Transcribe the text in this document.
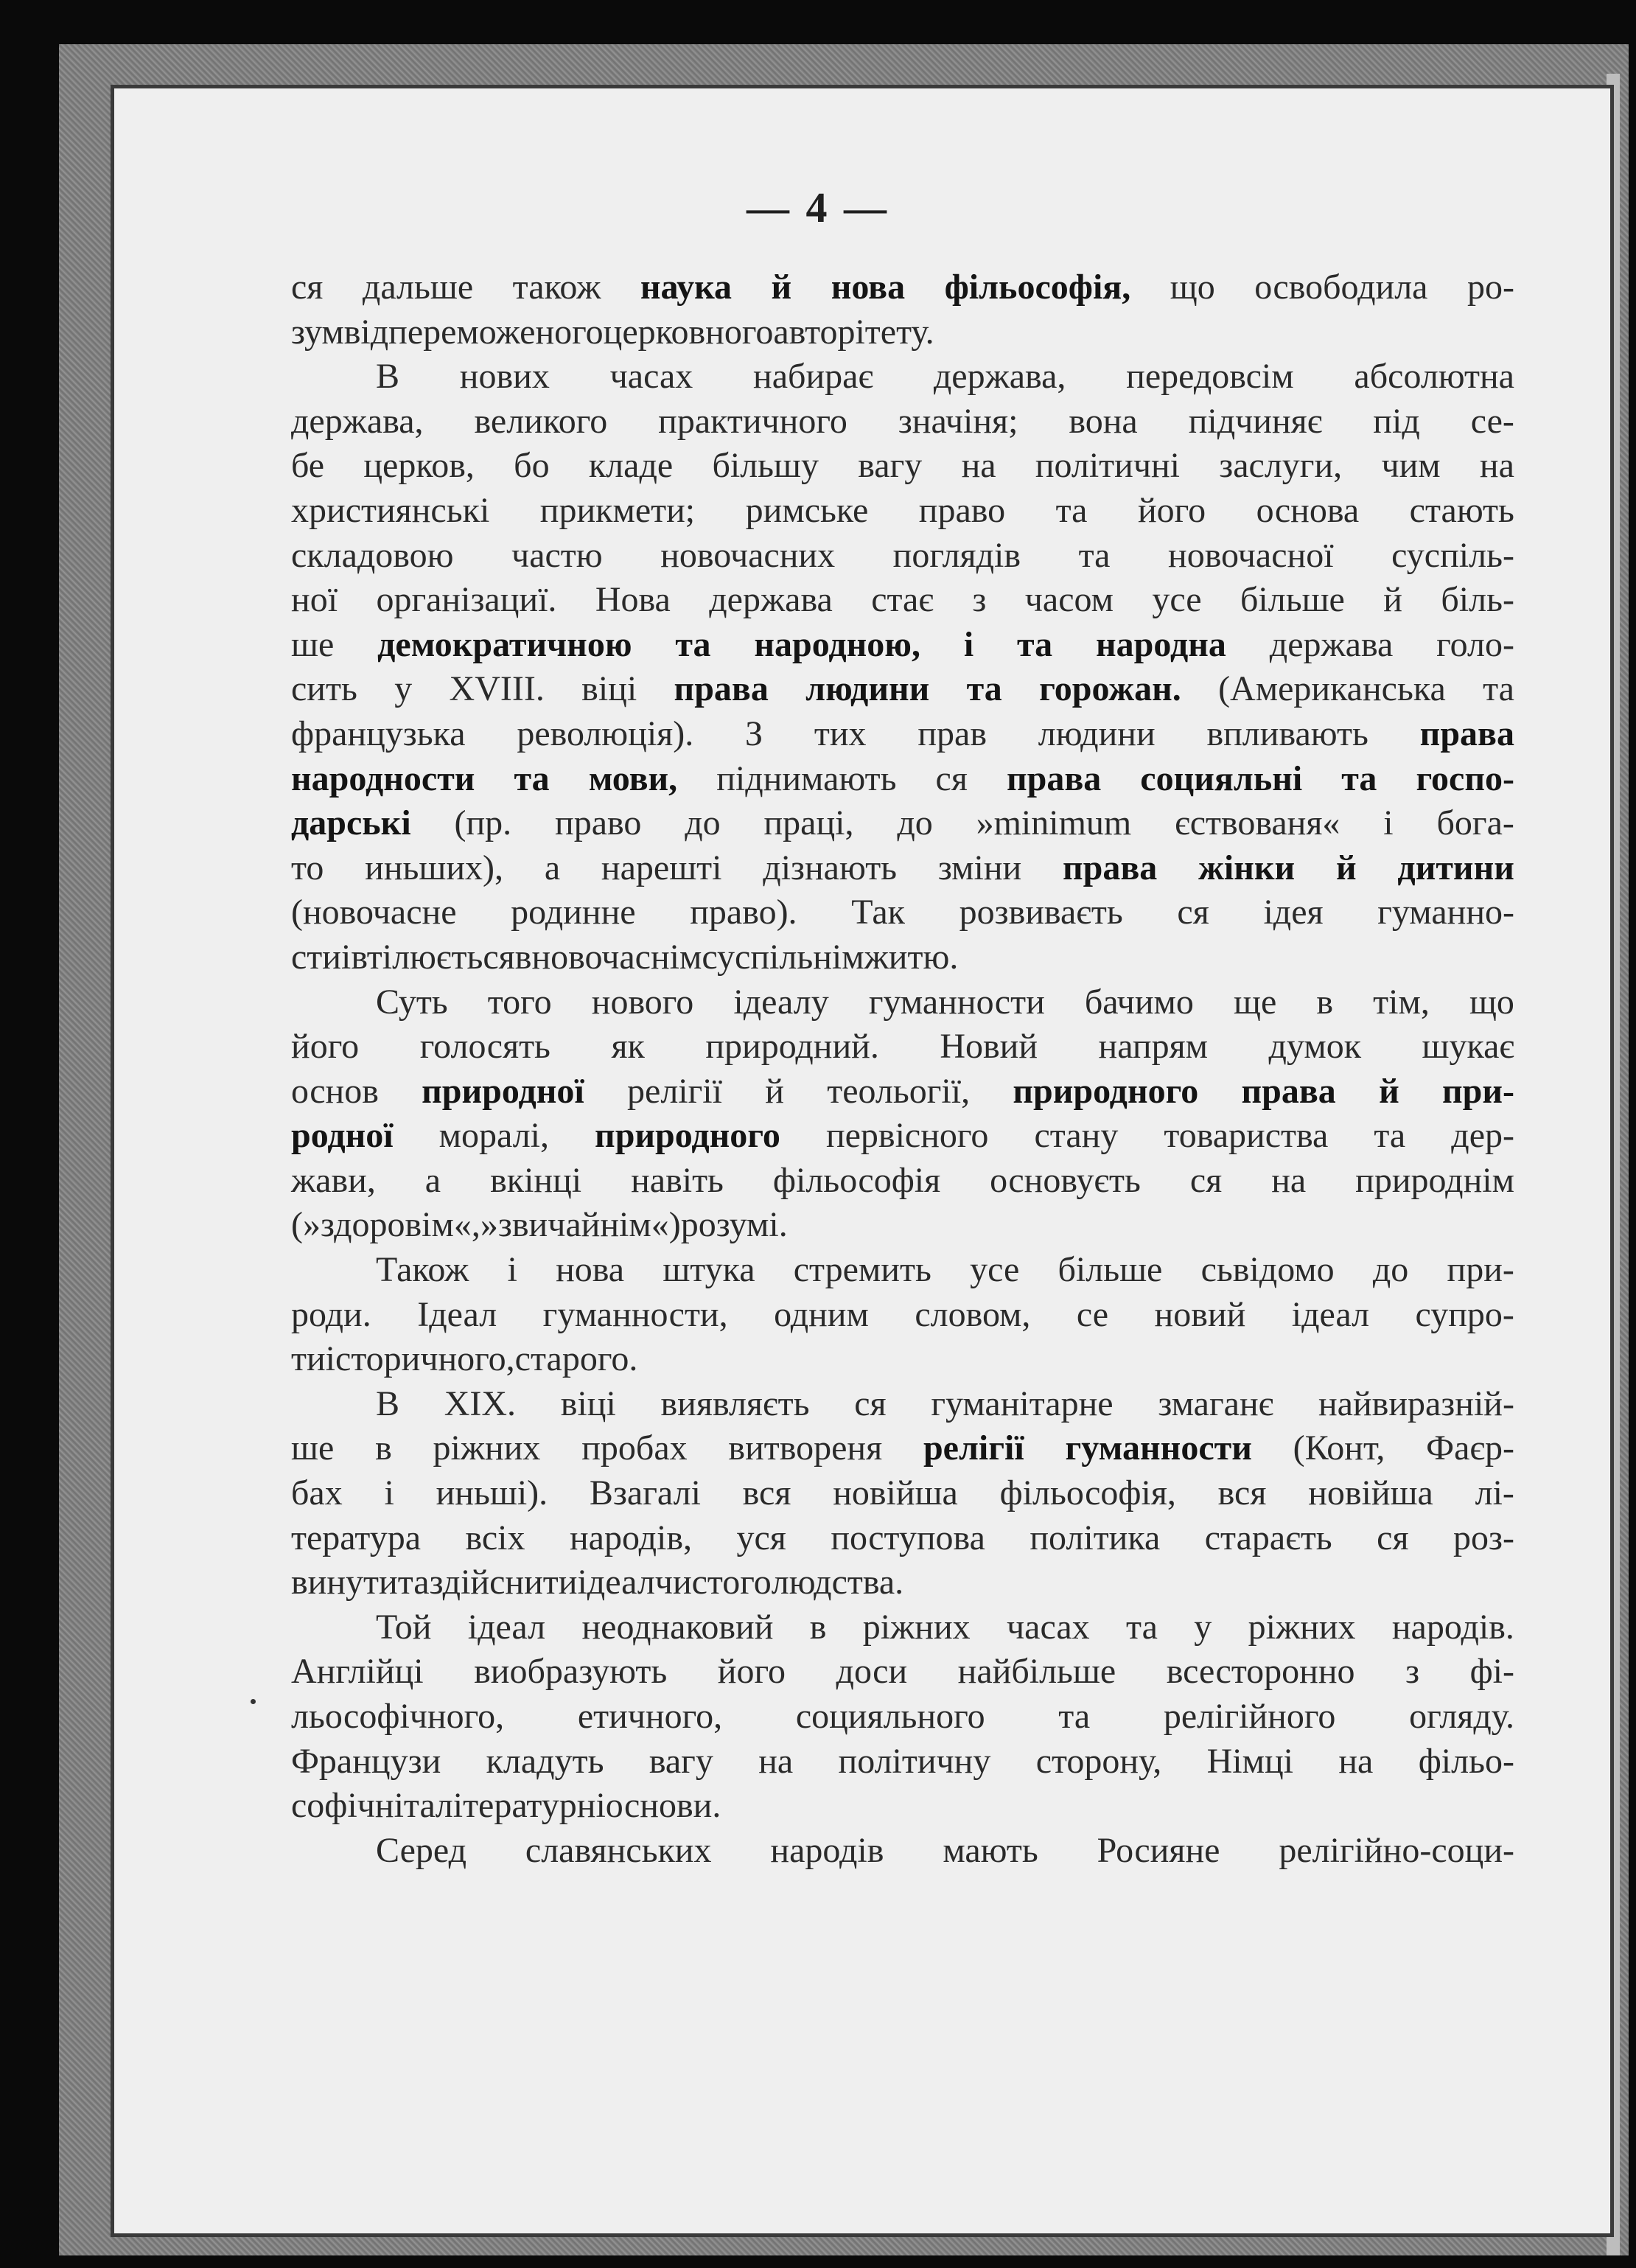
— 4 —
ся дальше також наука й нова фільософія, що освободила ро-
зум від переможеного церковного авторітету.
В нових часах набирає держава, передовсім абсолютна
держава, великого практичного значіня; вона підчиняє під се-
бе церков, бо кладе більшу вагу на політичні заслуги, чим на
християнські прикмети; римське право та його основа стають
складовою частю новочасних поглядів та новочасної суспіль-
ної організациї. Нова держава стає з часом усе більше й біль-
ше демократичною та народною, і та народна держава голо-
сить у XVIII. віці права людини та горожан. (Американська та
французька революція). З тих прав людини впливають права
народности та мови, піднимають ся права социяльні та госпо-
дарські (пр. право до праці, до »minimum єствованя« і бога-
то иньших), а нарешті дізнають зміни права жінки й дитини
(новочасне родинне право). Так розвиваєть ся ідея гуманно-
сти і втілюєть ся в новочаснім суспільнім житю.
Суть того нового ідеалу гуманности бачимо ще в тім, що
його голосять як природний. Новий напрям думок шукає
основ природної релігії й теольогії, природного права й при-
родної моралі, природного первісного стану товариства та дер-
жави, а вкінці навіть фільософія основуєть ся на природнім
(»здоровім«, »звичайнім«) розумі.
Також і нова штука стремить усе більше сьвідомо до при-
роди. Ідеал гуманности, одним словом, се новий ідеал супро-
ти історичного, старого.
В XIX. віці виявляєть ся гуманітарне змаганє найвиразній-
ше в ріжних пробах витвореня релігії гуманности (Конт, Фаєр-
бах і иньші). Взагалі вся новійша фільософія, вся новійша лі-
тература всіх народів, уся поступова політика стараєть ся роз-
винути та здійснити ідеал чистого людства.
Той ідеал неоднаковий в ріжних часах та у ріжних народів.
Англійці виобразують його доси найбільше всесторонно з фі-
льософічного, етичного, социяльного та релігійного огляду.
Французи кладуть вагу на політичну сторону, Німці на фільо-
софічні та літературні основи.
Серед славянських народів мають Росияне релігійно-соци-
